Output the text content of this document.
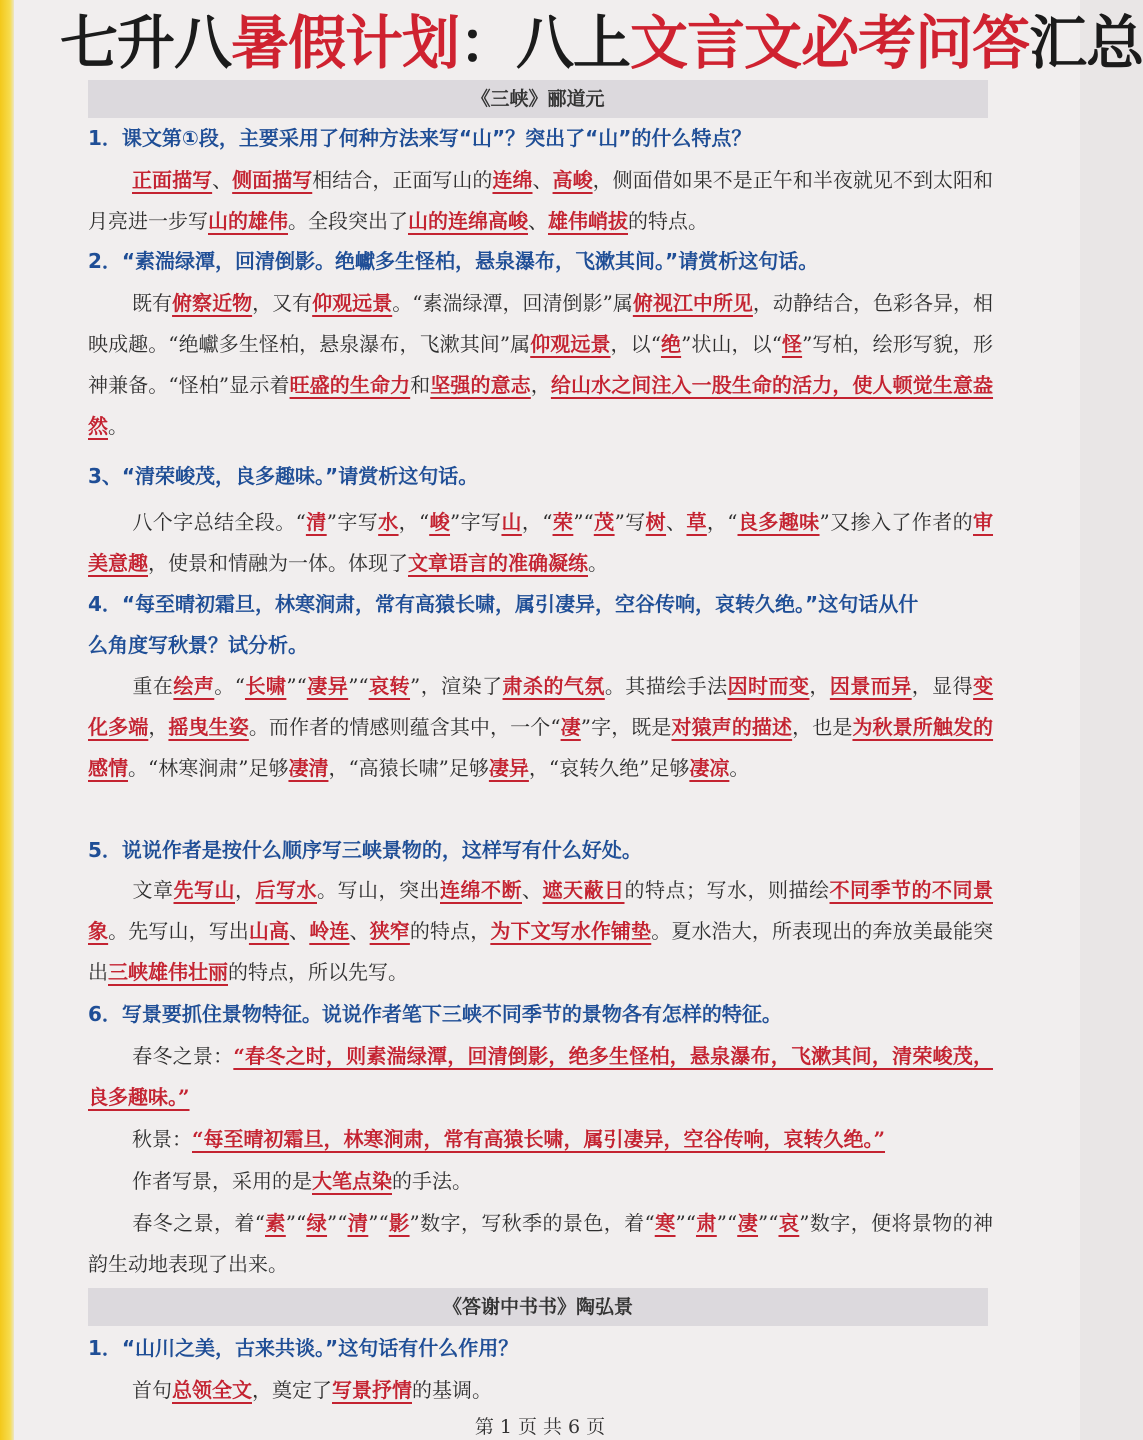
七升八暑假计划：八上文言文必考问答汇总
《三峡》郦道元
1．课文第①段，主要采用了何种方法来写“山”？突出了“山”的什么特点？
正面描写、侧面描写相结合，正面写山的连绵、高峻，侧面借如果不是正午和半夜就见不到太阳和月亮进一步写山的雄伟。全段突出了山的连绵高峻、雄伟峭拔的特点。
2．“素湍绿潭，回清倒影。绝巘多生怪柏，悬泉瀑布，飞漱其间。”请赏析这句话。
既有俯察近物，又有仰观远景。“素湍绿潭，回清倒影”属俯视江中所见，动静结合，色彩各异，相映成趣。“绝巘多生怪柏，悬泉瀑布，飞漱其间”属仰观远景，以“绝”状山，以“怪”写柏，绘形写貌，形神兼备。“怪柏”显示着旺盛的生命力和坚强的意志，给山水之间注入一股生命的活力，使人顿觉生意盎然。
3、“清荣峻茂，良多趣味。”请赏析这句话。
八个字总结全段。“清”字写水，“峻”字写山，“荣”“茂”写树、草，“良多趣味”又掺入了作者的审美意趣，使景和情融为一体。体现了文章语言的准确凝练。
4．“每至晴初霜旦，林寒涧肃，常有高猿长啸，属引凄异，空谷传响，哀转久绝。”这句话从什
么角度写秋景？试分析。
重在绘声。“长啸”“凄异”“哀转”，渲染了肃杀的气氛。其描绘手法因时而变，因景而异，显得变化多端，摇曳生姿。而作者的情感则蕴含其中，一个“凄”字，既是对猿声的描述，也是为秋景所触发的感情。“林寒涧肃”足够凄清，“高猿长啸”足够凄异，“哀转久绝”足够凄凉。
5．说说作者是按什么顺序写三峡景物的，这样写有什么好处。
文章先写山，后写水。写山，突出连绵不断、遮天蔽日的特点；写水，则描绘不同季节的不同景象。先写山，写出山高、岭连、狭窄的特点，为下文写水作铺垫。夏水浩大，所表现出的奔放美最能突出三峡雄伟壮丽的特点，所以先写。
6．写景要抓住景物特征。说说作者笔下三峡不同季节的景物各有怎样的特征。
春冬之景：“春冬之时，则素湍绿潭，回清倒影，绝多生怪柏，悬泉瀑布，飞漱其间，清荣峻茂，良多趣味。”
秋景：“每至晴初霜旦，林寒涧肃，常有高猿长啸，属引凄异，空谷传响，哀转久绝。”
作者写景，采用的是大笔点染的手法。
春冬之景，着“素”“绿”“清”“影”数字，写秋季的景色，着“寒”“肃”“凄”“哀”数字，便将景物的神韵生动地表现了出来。
《答谢中书书》陶弘景
1．“山川之美，古来共谈。”这句话有什么作用？
首句总领全文，奠定了写景抒情的基调。
第 1 页 共 6 页
